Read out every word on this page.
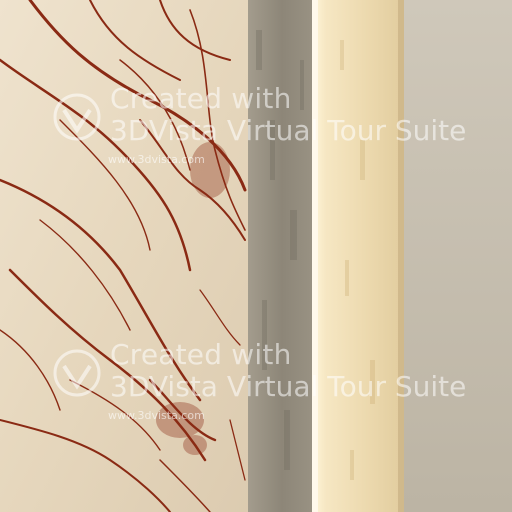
Created with
3DVista Virtual Tour Suite
www.3dvista.com
Created with
3DVista Virtual Tour Suite
www.3dvista.com
